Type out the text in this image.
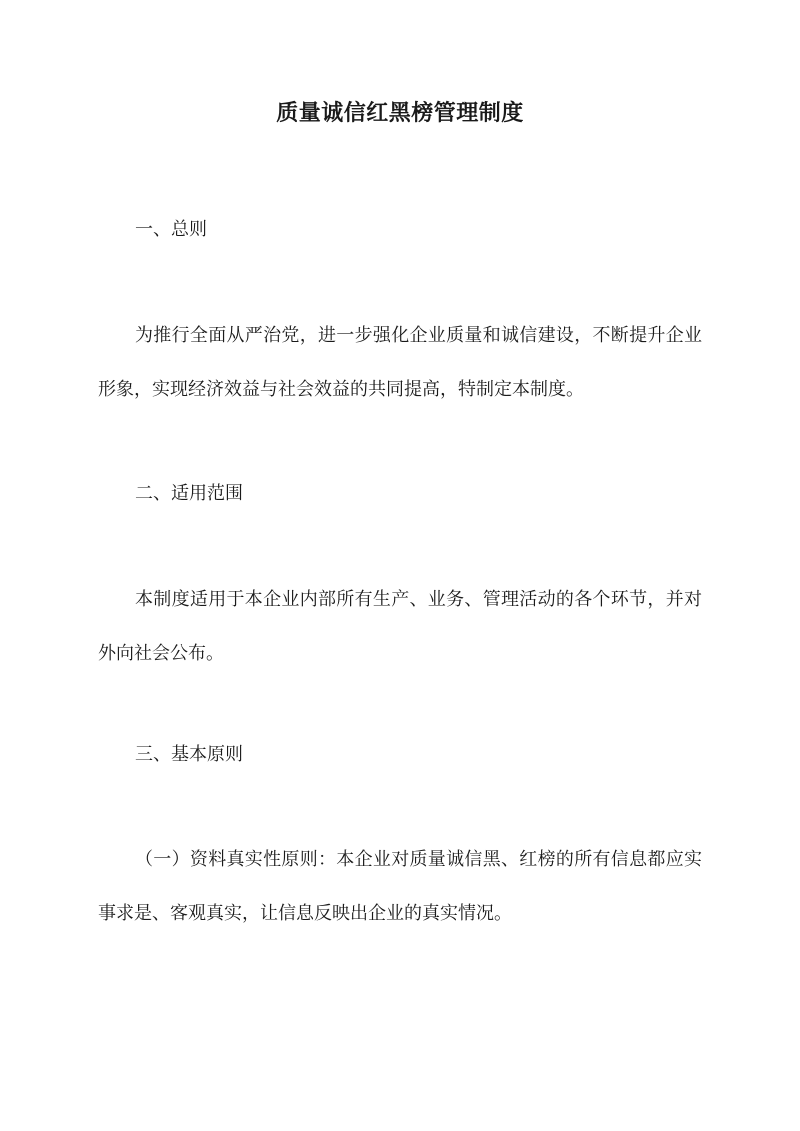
质量诚信红黑榜管理制度
一、总则
为推行全面从严治党，进一步强化企业质量和诚信建设，不断提升企业形象，实现经济效益与社会效益的共同提高，特制定本制度。
二、适用范围
本制度适用于本企业内部所有生产、业务、管理活动的各个环节，并对外向社会公布。
三、基本原则
（一）资料真实性原则：本企业对质量诚信黑、红榜的所有信息都应实事求是、客观真实，让信息反映出企业的真实情况。
